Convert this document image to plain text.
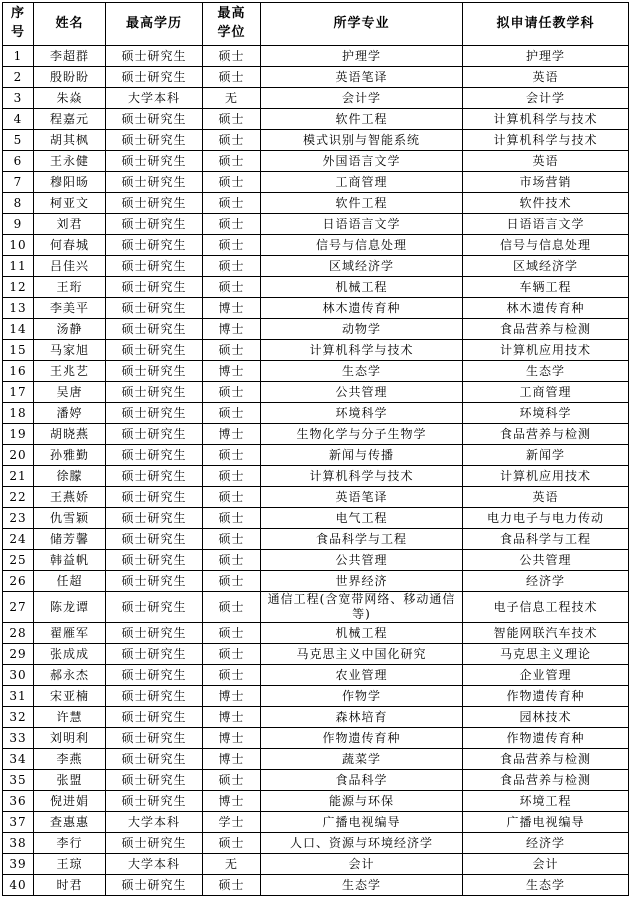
序号	姓名	最高学历	最高学位	所学专业	拟申请任教学科
1	李超群	硕士研究生	硕士	护理学	护理学
2	殷盼盼	硕士研究生	硕士	英语笔译	英语
3	朱焱	大学本科	无	会计学	会计学
4	程嘉元	硕士研究生	硕士	软件工程	计算机科学与技术
5	胡其枫	硕士研究生	硕士	模式识别与智能系统	计算机科学与技术
6	王永健	硕士研究生	硕士	外国语言文学	英语
7	穆阳旸	硕士研究生	硕士	工商管理	市场营销
8	柯亚文	硕士研究生	硕士	软件工程	软件技术
9	刘君	硕士研究生	硕士	日语语言文学	日语语言文学
10	何春城	硕士研究生	硕士	信号与信息处理	信号与信息处理
11	吕佳兴	硕士研究生	硕士	区域经济学	区域经济学
12	王珩	硕士研究生	硕士	机械工程	车辆工程
13	李美平	硕士研究生	博士	林木遗传育种	林木遗传育种
14	汤静	硕士研究生	博士	动物学	食品营养与检测
15	马家旭	硕士研究生	硕士	计算机科学与技术	计算机应用技术
16	王兆艺	硕士研究生	博士	生态学	生态学
17	吴唐	硕士研究生	硕士	公共管理	工商管理
18	潘婷	硕士研究生	硕士	环境科学	环境科学
19	胡晓燕	硕士研究生	博士	生物化学与分子生物学	食品营养与检测
20	孙雅勤	硕士研究生	硕士	新闻与传播	新闻学
21	徐朦	硕士研究生	硕士	计算机科学与技术	计算机应用技术
22	王燕娇	硕士研究生	硕士	英语笔译	英语
23	仇雪颖	硕士研究生	硕士	电气工程	电力电子与电力传动
24	储芳馨	硕士研究生	硕士	食品科学与工程	食品科学与工程
25	韩益帆	硕士研究生	硕士	公共管理	公共管理
26	任超	硕士研究生	硕士	世界经济	经济学
27	陈龙谭	硕士研究生	硕士	通信工程(含宽带网络、移动通信等)	电子信息工程技术
28	翟雁军	硕士研究生	硕士	机械工程	智能网联汽车技术
29	张成成	硕士研究生	硕士	马克思主义中国化研究	马克思主义理论
30	郝永杰	硕士研究生	硕士	农业管理	企业管理
31	宋亚楠	硕士研究生	博士	作物学	作物遗传育种
32	许慧	硕士研究生	博士	森林培育	园林技术
33	刘明利	硕士研究生	博士	作物遗传育种	作物遗传育种
34	李燕	硕士研究生	博士	蔬菜学	食品营养与检测
35	张盟	硕士研究生	硕士	食品科学	食品营养与检测
36	倪进娟	硕士研究生	博士	能源与环保	环境工程
37	查惠惠	大学本科	学士	广播电视编导	广播电视编导
38	李行	硕士研究生	硕士	人口、资源与环境经济学	经济学
39	王琼	大学本科	无	会计	会计
40	时君	硕士研究生	硕士	生态学	生态学
